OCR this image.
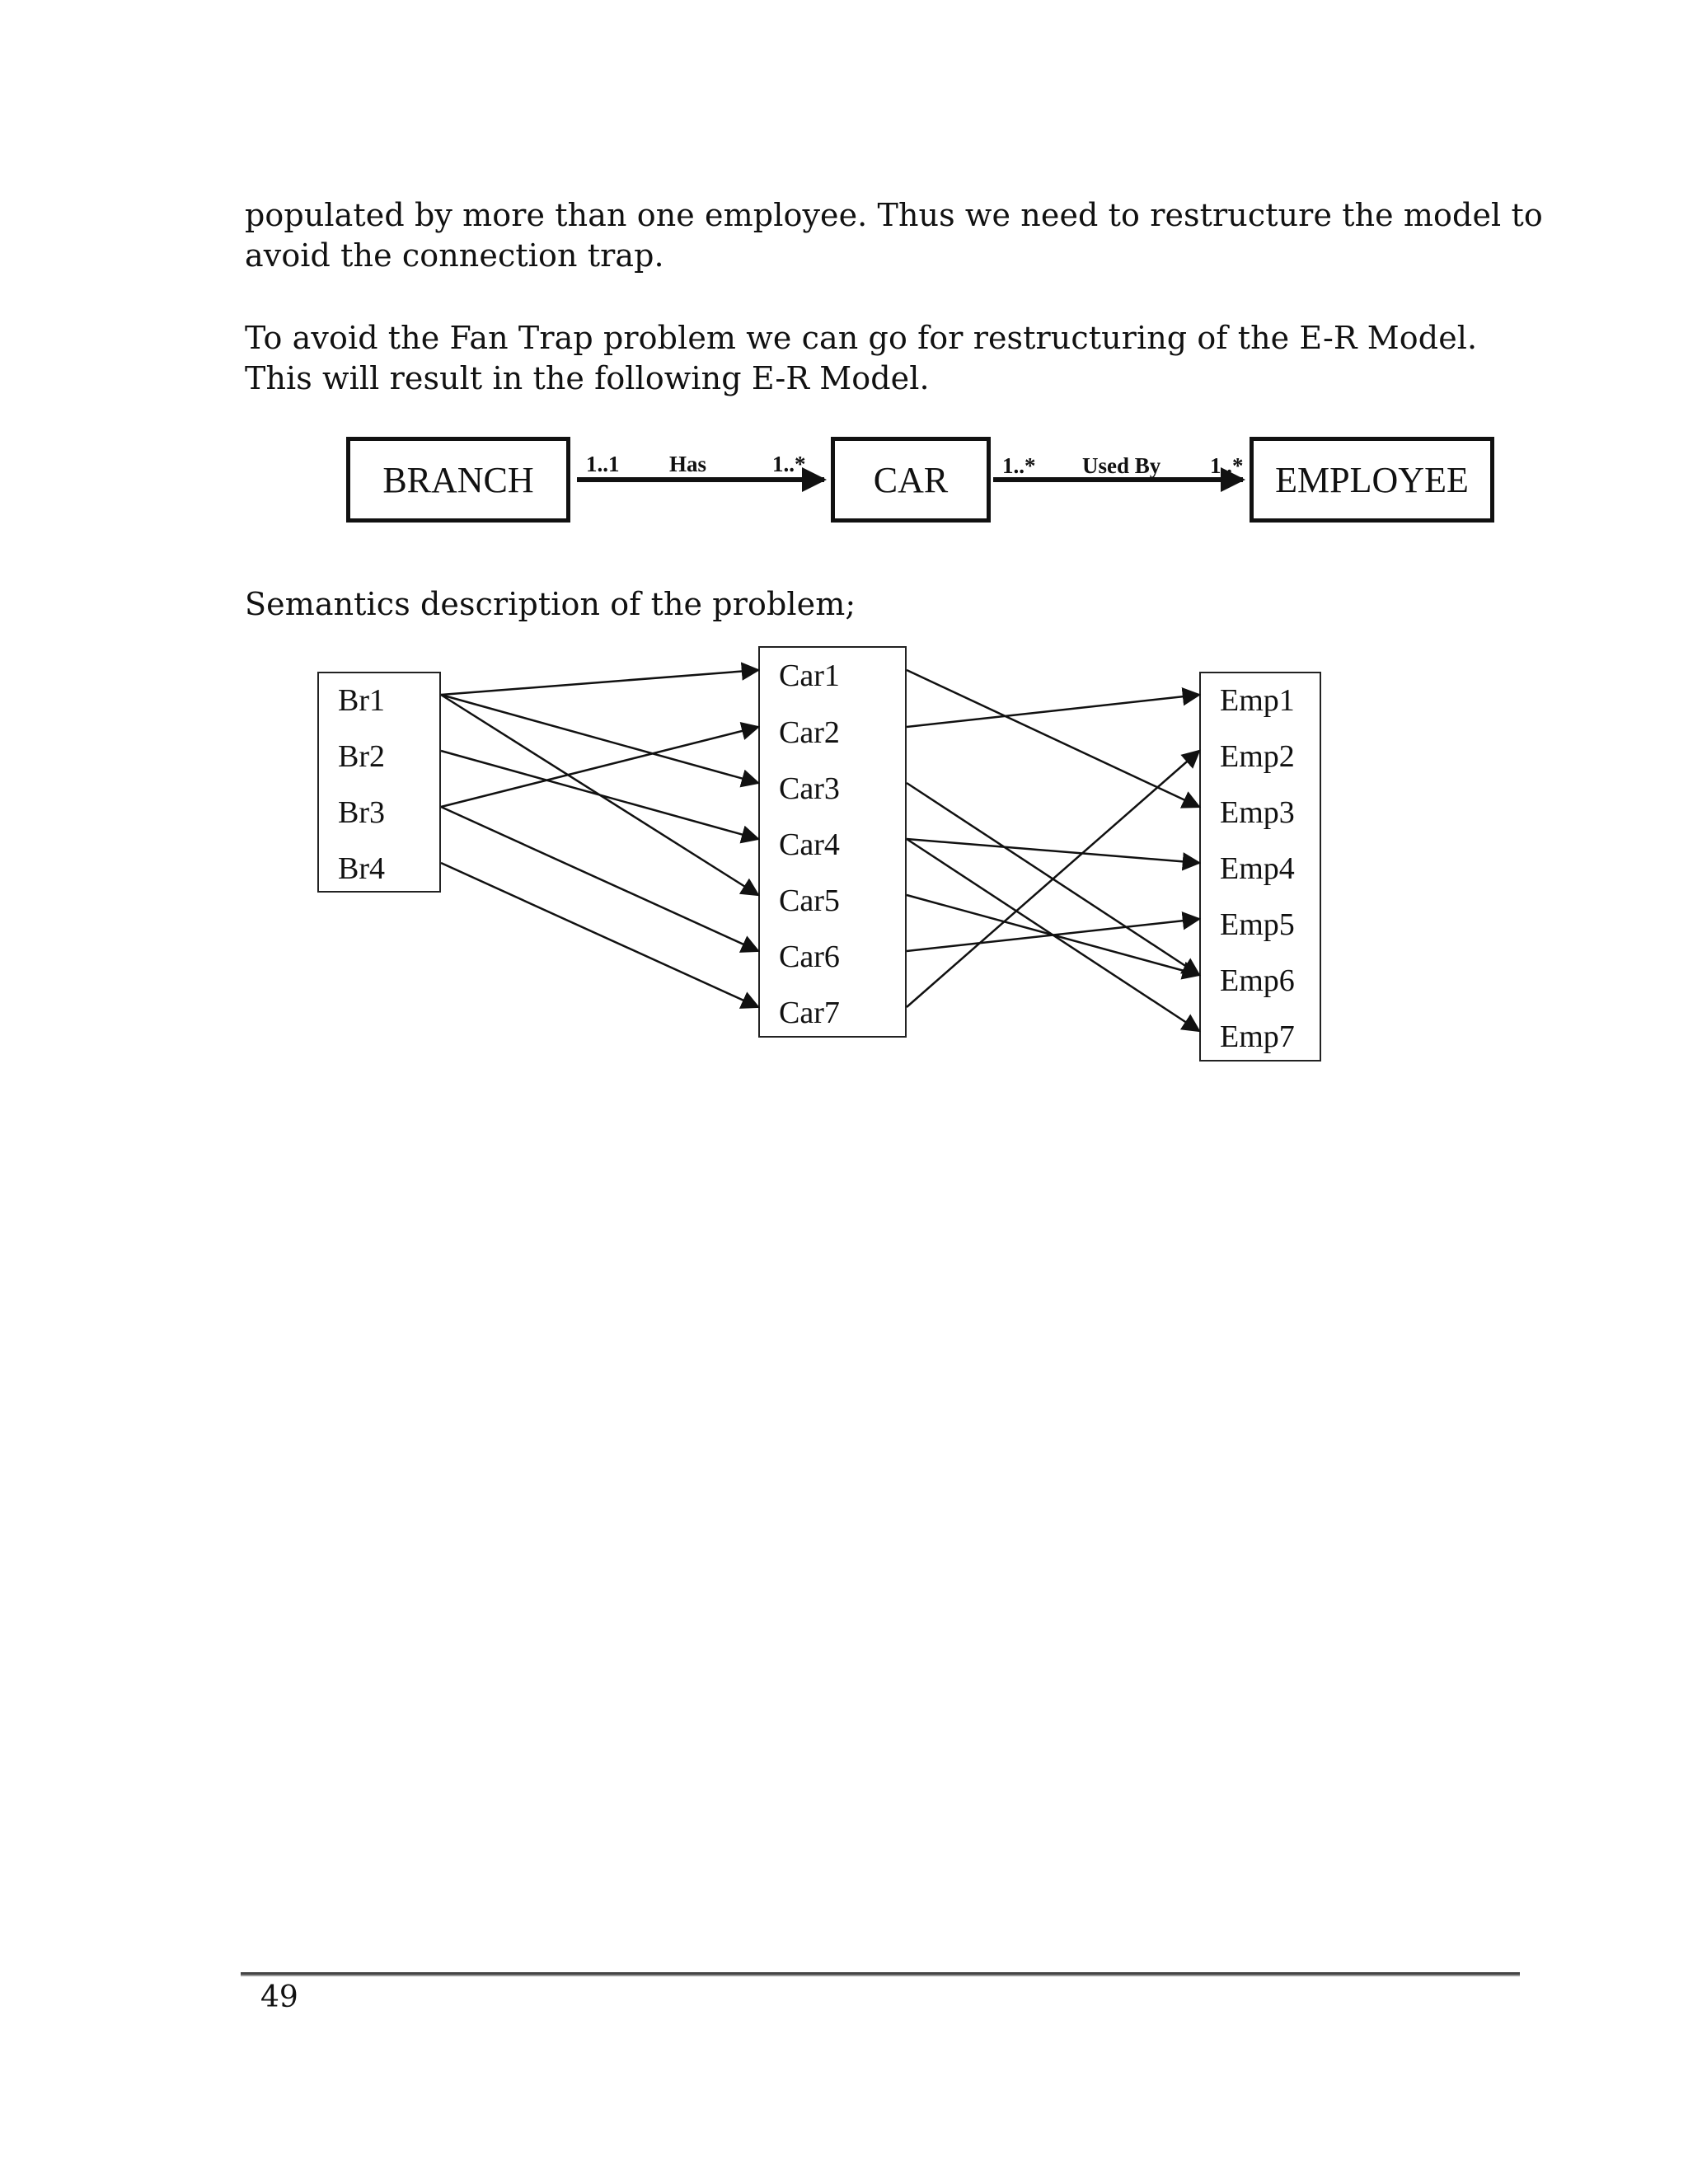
populated by more than one employee. Thus we need to restructure the model to
avoid the connection trap.
To avoid the Fan Trap problem we can go for restructuring of the E-R Model.
This will result in the following E-R Model.
BRANCH	CAR	EMPLOYEE
1..1 Has	1..*	1..* Used By 1..*
Semantics description of the problem;
Br1
Br2
Br3
Br4
Car1
Car2
Car3
Car4
Car5
Car6
Car7
Emp1
Emp2
Emp3
Emp4
Emp5
Emp6
Emp7
49
